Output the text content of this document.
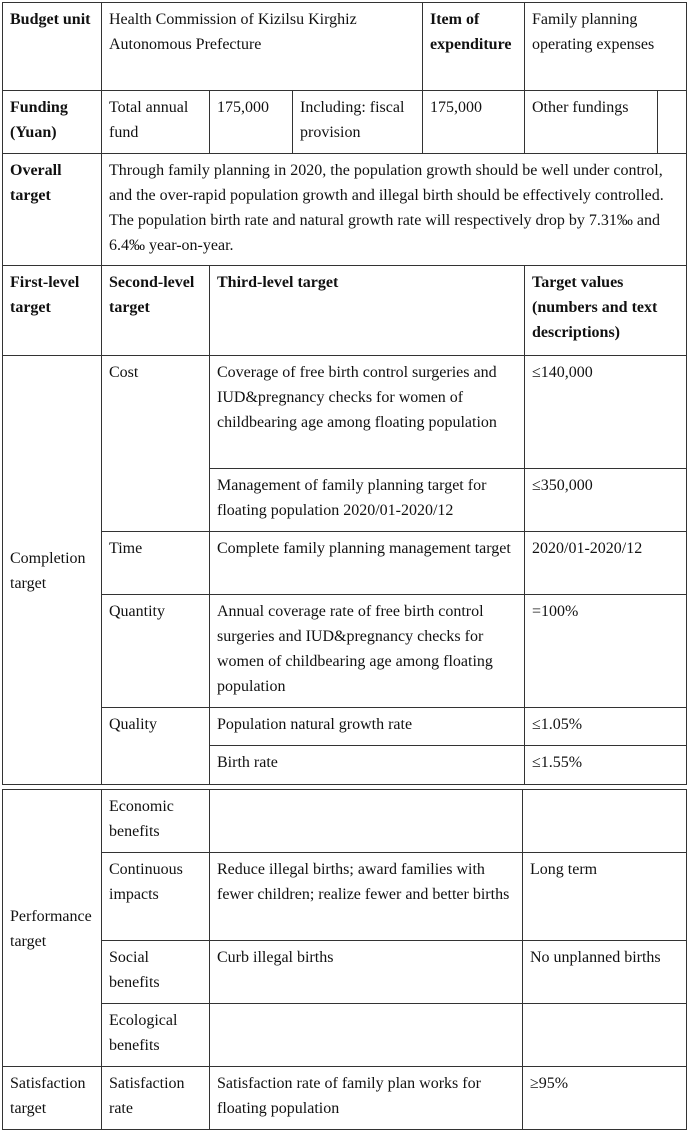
Budget unit	Health Commission of Kizilsu Kirghiz Autonomous Prefecture			Item of expenditure	Family planning operating expenses	
Funding (Yuan)	Total annual fund	175,000	Including: fiscal provision	175,000	Other fundings	
Overall target	Through family planning in 2020, the population growth should be well under control, and the over-rapid population growth and illegal birth should be effectively controlled. The population birth rate and natural growth rate will respectively drop by 7.31‰ and 6.4‰ year-on-year.					
First-level target	Second-level target	Third-level target			Target values (numbers and text descriptions)	
Completion target	Cost	Coverage of free birth control surgeries and IUD&pregnancy checks for women of childbearing age among floating population			≤140,000	
		Management of family planning target for floating population 2020/01-2020/12			≤350,000	
	Time	Complete family planning management target			2020/01-2020/12	
	Quantity	Annual coverage rate of free birth control surgeries and IUD&pregnancy checks for women of childbearing age among floating population			=100%	
	Quality	Population natural growth rate			≤1.05%	
		Birth rate			≤1.55%	
Performance target	Economic benefits		
	Continuous impacts	Reduce illegal births; award families with fewer children; realize fewer and better births	Long term
	Social benefits	Curb illegal births	No unplanned births
	Ecological benefits		
Satisfaction target	Satisfaction rate	Satisfaction rate of family plan works for floating population	≥95%
